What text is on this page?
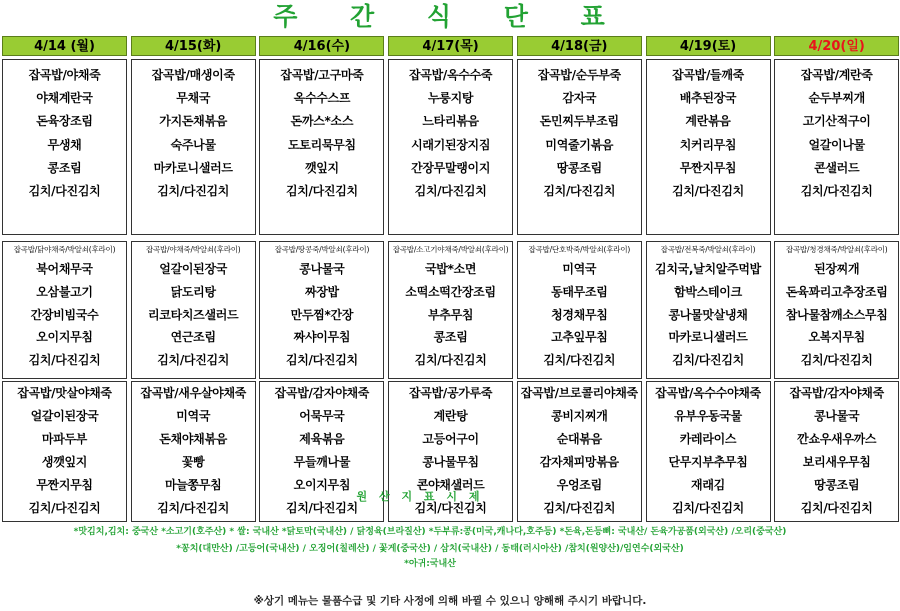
주 간 식 단 표
4/14 (월)
잡곡밥/야채죽
야채계란국
돈육장조림
무생채
콩조림
김치/다진김치
잡곡밥/닭야채죽/박알쇠(후라이)
북어채무국
오삼불고기
간장비빔국수
오이지무침
김치/다진김치
잡곡밥/맛살야채죽
얼갈이된장국
마파두부
생깻잎지
무짠지무침
김치/다진김치
4/15(화)
잡곡밥/매생이죽
무채국
가지돈채볶음
숙주나물
마카로니샐러드
김치/다진김치
잡곡밥/야채죽/박알쇠(후라이)
얼갈이된장국
닭도리탕
리코타치즈샐러드
연근조림
김치/다진김치
잡곡밥/새우살야채죽
미역국
돈채야채볶음
꽃빵
마늘쫑무침
김치/다진김치
4/16(수)
잡곡밥/고구마죽
옥수수스프
돈까스*소스
도토리묵무침
깻잎지
김치/다진김치
잡곡밥/땅콩죽/박알쇠(후라이)
콩나물국
짜장밥
만두찜*간장
짜샤이무침
김치/다진김치
잡곡밥/감자야채죽
어묵무국
제육볶음
무들깨나물
오이지무침
김치/다진김치
4/17(목)
잡곡밥/옥수수죽
누룽지탕
느타리볶음
시래기된장지짐
간장무말랭이지
김치/다진김치
잡곡밥/소고기야채죽/박알쇠(후라이)
국밥*소면
소떡소떡간장조림
부추무침
콩조림
김치/다진김치
잡곡밥/공가루죽
계란탕
고등어구이
콩나물무침
콘야채샐러드
김치/다진김치
4/18(금)
잡곡밥/순두부죽
감자국
돈민찌두부조림
미역줄기볶음
땅콩조림
김치/다진김치
잡곡밥/단호박죽/박알쇠(후라이)
미역국
동태무조림
청경채무침
고추잎무침
김치/다진김치
잡곡밥/브로콜리야채죽
콩비지찌개
순대볶음
감자채피망볶음
우엉조림
김치/다진김치
4/19(토)
잡곡밥/들깨죽
배추된장국
계란볶음
치커리무침
무짠지무침
김치/다진김치
잡곡밥/전복죽/박알쇠(후라이)
김치국,날치알주먹밥
함박스테이크
콩나물맛살냉채
마카로니샐러드
김치/다진김치
잡곡밥/옥수수야채죽
유부우동국물
카레라이스
단무지부추무침
재래김
김치/다진김치
4/20(일)
잡곡밥/계란죽
순두부찌개
고기산적구이
얼갈이나물
콘샐러드
김치/다진김치
잡곡밥/청경채죽/박알쇠(후라이)
된장찌개
돈육꽈리고추장조림
참나물참깨소스무침
오복지무침
김치/다진김치
잡곡밥/감자야채죽
콩나물국
깐쇼우새우까스
보리새우무침
땅콩조림
김치/다진김치
원 산 지 표 시 제
*맛김치,김치: 중국산 *소고기(호주산) * 쌀: 국내산 *닭토막(국내산) / 닭정육(브라질산) *두부류:콩(미국,캐나다,호주등) *돈육,돈등뼈: 국내산/ 돈육가공품(외국산) /오리(중국산)
*꽁치(대만산) /고등어(국내산) / 오징어(칠레산) / 꽃게(중국산) / 삼치(국내산) / 동태(러시아산) /참치(원양산)/임연수(외국산)
*아귀:국내산
※상기 메뉴는 물품수급 및 기타 사정에 의해 바뀔 수 있으니 양해해 주시기 바랍니다.
